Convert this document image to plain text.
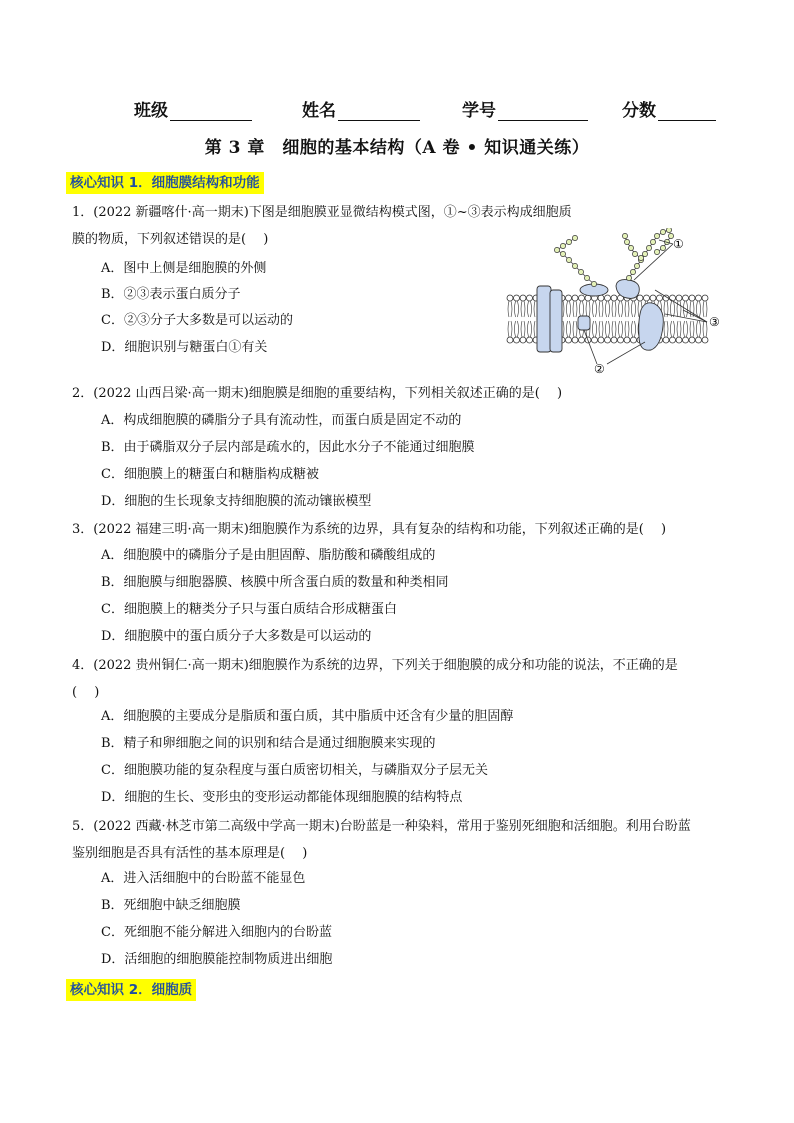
班级	姓名	学号	分数
第 3 章　细胞的基本结构（A 卷 • 知识通关练）
核心知识 1．细胞膜结构和功能
1．(2022 新疆喀什·高一期末)下图是细胞膜亚显微结构模式图，①~③表示构成细胞质
膜的物质，下列叙述错误的是(　 )
A．图中上侧是细胞膜的外侧
B．②③表示蛋白质分子
C．②③分子大多数是可以运动的
D．细胞识别与糖蛋白①有关
①
②
③
2．(2022 山西吕梁·高一期末)细胞膜是细胞的重要结构，下列相关叙述正确的是(　 )
A．构成细胞膜的磷脂分子具有流动性，而蛋白质是固定不动的
B．由于磷脂双分子层内部是疏水的，因此水分子不能通过细胞膜
C．细胞膜上的糖蛋白和糖脂构成糖被
D．细胞的生长现象支持细胞膜的流动镶嵌模型
3．(2022 福建三明·高一期末)细胞膜作为系统的边界，具有复杂的结构和功能，下列叙述正确的是(　 )
A．细胞膜中的磷脂分子是由胆固醇、脂肪酸和磷酸组成的
B．细胞膜与细胞器膜、核膜中所含蛋白质的数量和种类相同
C．细胞膜上的糖类分子只与蛋白质结合形成糖蛋白
D．细胞膜中的蛋白质分子大多数是可以运动的
4．(2022 贵州铜仁·高一期末)细胞膜作为系统的边界，下列关于细胞膜的成分和功能的说法，不正确的是
(　 )
A．细胞膜的主要成分是脂质和蛋白质，其中脂质中还含有少量的胆固醇
B．精子和卵细胞之间的识别和结合是通过细胞膜来实现的
C．细胞膜功能的复杂程度与蛋白质密切相关，与磷脂双分子层无关
D．细胞的生长、变形虫的变形运动都能体现细胞膜的结构特点
5．(2022 西藏·林芝市第二高级中学高一期末)台盼蓝是一种染料，常用于鉴别死细胞和活细胞。利用台盼蓝
鉴别细胞是否具有活性的基本原理是(　 )
A．进入活细胞中的台盼蓝不能显色
B．死细胞中缺乏细胞膜
C．死细胞不能分解进入细胞内的台盼蓝
D．活细胞的细胞膜能控制物质进出细胞
核心知识 2．细胞质
